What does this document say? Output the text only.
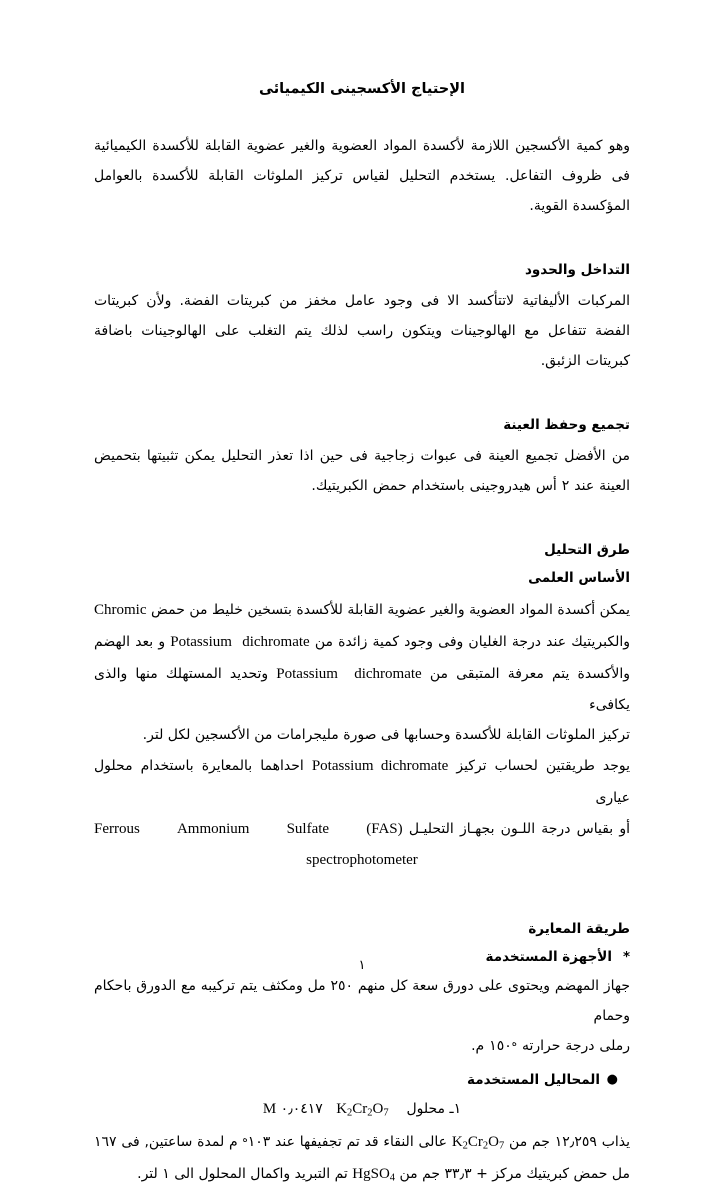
الإحتياج الأكسجينى الكيميائى

وهو كمية الأكسجين اللازمة لأكسدة المواد العضوية والغير عضوية القابلة للأكسدة الكيميائية فى ظروف التفاعل. يستخدم التحليل لقياس تركيز الملوثات القابلة للأكسدة بالعوامل المؤكسدة القوية.

التداخل والحدود

المركبات الأليفاتية لاتتأكسد الا فى وجود عامل مخفز من كبريتات الفضة. ولأن كبريتات الفضة تتفاعل مع الهالوجينات ويتكون راسب لذلك يتم التغلب على الهالوجينات باضافة كبريتات الزئبق.

تجميع وحفظ العينة

من الأفضل تجميع العينة فى عبوات زجاجية فى حين اذا تعذر التحليل يمكن تثبيتها بتحميض العينة عند ٢ أس هيدروجينى باستخدام حمض الكبريتيك.

طرق التحليل
الأساس العلمى

يمكن أكسدة المواد العضوية والغير عضوية القابلة للأكسدة بتسخين خليط من حمض Chromic

والكبريتيك عند درجة الغليان وفى وجود كمية زائدة من Potassium dichromate و بعد الهضم

والأكسدة يتم معرفة المتبقى من Potassium dichromate وتحديد المستهلك منها والذى يكافىء

تركيز الملوثات القابلة للأكسدة وحسابها فى صورة مليجرامات من الأكسجين لكل لتر.

يوجد طريقتين لحساب تركيز Potassium dichromate احداهما بالمعايرة باستخدام محلول عيارى

أو بقياس درجة اللـون بجهـاز التحليـل Ferrous Ammonium Sulfate (FAS)

spectrophotometer

طريقة المعايرة

*
الأجهزة المستخدمة

جهاز المهضم ويحتوى على دورق سعة كل منهم ٢٥٠ مل ومكثف يتم تركيبه مع الدورق باحكام وحمام

رملى درجة حرارته $^ه$١٥٠ م.

●
المحاليل المستخدمة

١ـ محلول    $K_2Cr_2O_7$   ٠٫٠٤١٧ M

يذاب ١٢٫٢٥٩ جم من $K_2Cr_2O_7$ عالى النقاء قد تم تجفيفها عند $١٠٣^ه$ م لمدة ساعتين, فى ١٦٧

مل حمض كبريتيك مركز + ٣٣٫٣ جم من HgSO$_4$ تم التبريد واكمال المحلول الى ١ لتر.

١
